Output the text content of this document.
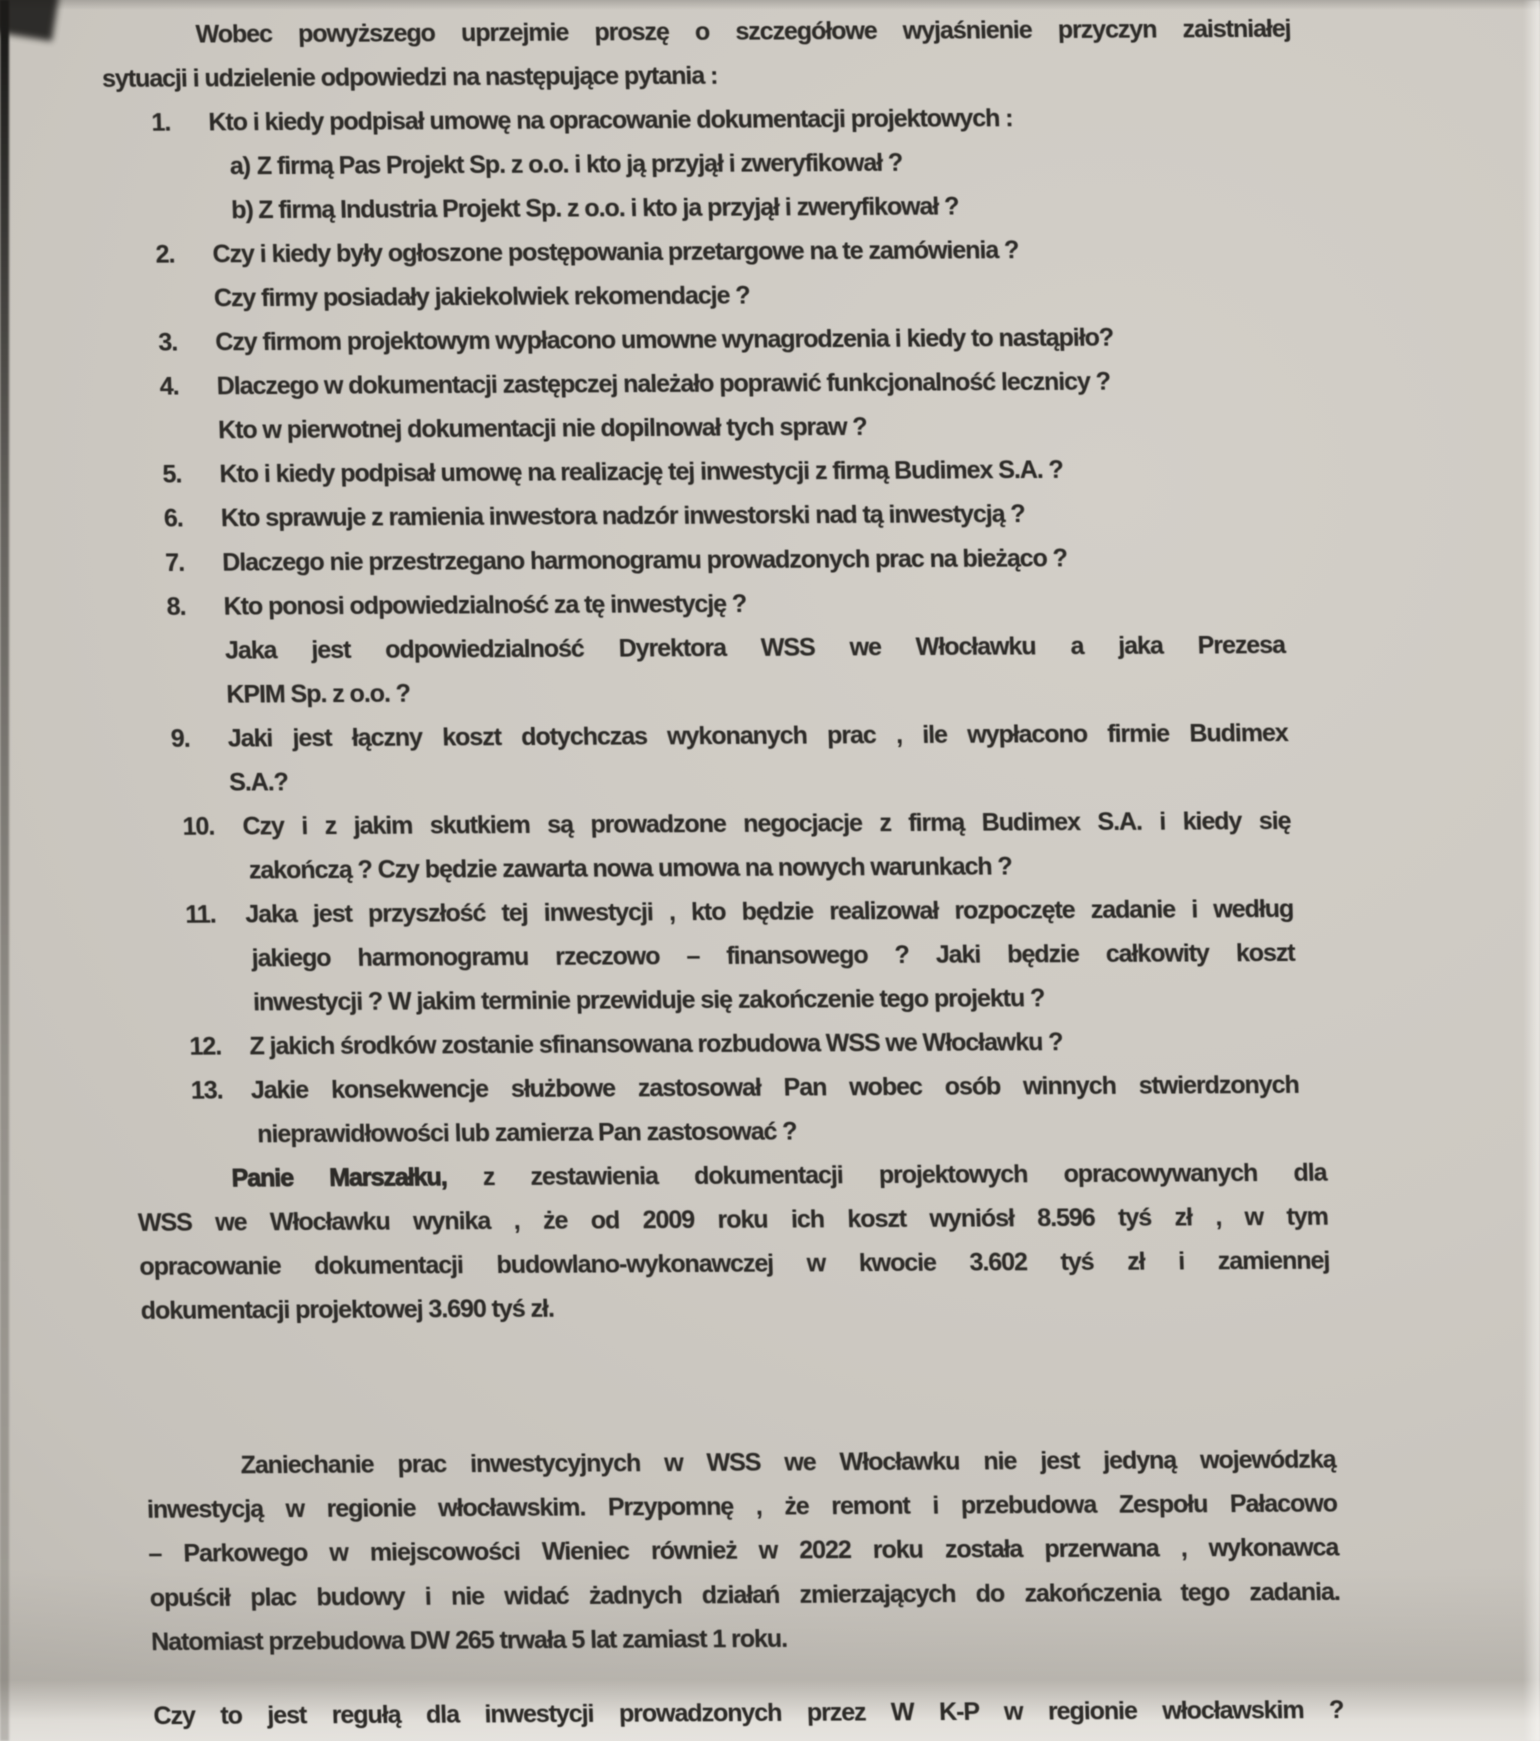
Wobec powyższego uprzejmie proszę o szczegółowe wyjaśnienie przyczyn zaistniałej
sytuacji i udzielenie odpowiedzi na następujące pytania :
1. Kto i kiedy podpisał umowę na opracowanie dokumentacji projektowych :
a) Z firmą Pas Projekt Sp. z o.o. i kto ją przyjął i zweryfikował ?
b) Z firmą Industria Projekt Sp. z o.o. i kto ja przyjął i zweryfikował ?
2. Czy i kiedy były ogłoszone postępowania przetargowe na te zamówienia ?
Czy firmy posiadały jakiekolwiek rekomendacje ?
3. Czy firmom projektowym wypłacono umowne wynagrodzenia i kiedy to nastąpiło?
4. Dlaczego w dokumentacji zastępczej należało poprawić funkcjonalność lecznicy ?
Kto w pierwotnej dokumentacji nie dopilnował tych spraw ?
5. Kto i kiedy podpisał umowę na realizację tej inwestycji z firmą Budimex S.A. ?
6. Kto sprawuje z ramienia inwestora nadzór inwestorski nad tą inwestycją ?
7. Dlaczego nie przestrzegano harmonogramu prowadzonych prac na bieżąco ?
8. Kto ponosi odpowiedzialność za tę inwestycję ?
Jaka jest odpowiedzialność Dyrektora WSS we Włocławku a jaka Prezesa
KPIM Sp. z o.o. ?
9. Jaki jest łączny koszt dotychczas wykonanych prac , ile wypłacono firmie Budimex
S.A.?
10. Czy i z jakim skutkiem są prowadzone negocjacje z firmą Budimex S.A. i kiedy się
zakończą ? Czy będzie zawarta nowa umowa na nowych warunkach ?
11. Jaka jest przyszłość tej inwestycji , kto będzie realizował rozpoczęte zadanie i według
jakiego harmonogramu rzeczowo – finansowego ? Jaki będzie całkowity koszt
inwestycji ? W jakim terminie przewiduje się zakończenie tego projektu ?
12. Z jakich środków zostanie sfinansowana rozbudowa WSS we Włocławku ?
13. Jakie konsekwencje służbowe zastosował Pan wobec osób winnych stwierdzonych
nieprawidłowości lub zamierza Pan zastosować ?
Panie Marszałku, z zestawienia dokumentacji projektowych opracowywanych dla
WSS we Włocławku wynika , że od 2009 roku ich koszt wyniósł 8.596 tyś zł , w tym
opracowanie dokumentacji budowlano-wykonawczej w kwocie 3.602 tyś zł i zamiennej
dokumentacji projektowej 3.690 tyś zł.
Zaniechanie prac inwestycyjnych w WSS we Włocławku nie jest jedyną wojewódzką
inwestycją w regionie włocławskim. Przypomnę , że remont i przebudowa Zespołu Pałacowo
– Parkowego w miejscowości Wieniec również w 2022 roku została przerwana , wykonawca
opuścił plac budowy i nie widać żadnych działań zmierzających do zakończenia tego zadania.
Natomiast przebudowa DW 265 trwała 5 lat zamiast 1 roku.
Czy to jest regułą dla inwestycji prowadzonych przez W K-P w regionie włocławskim ?
